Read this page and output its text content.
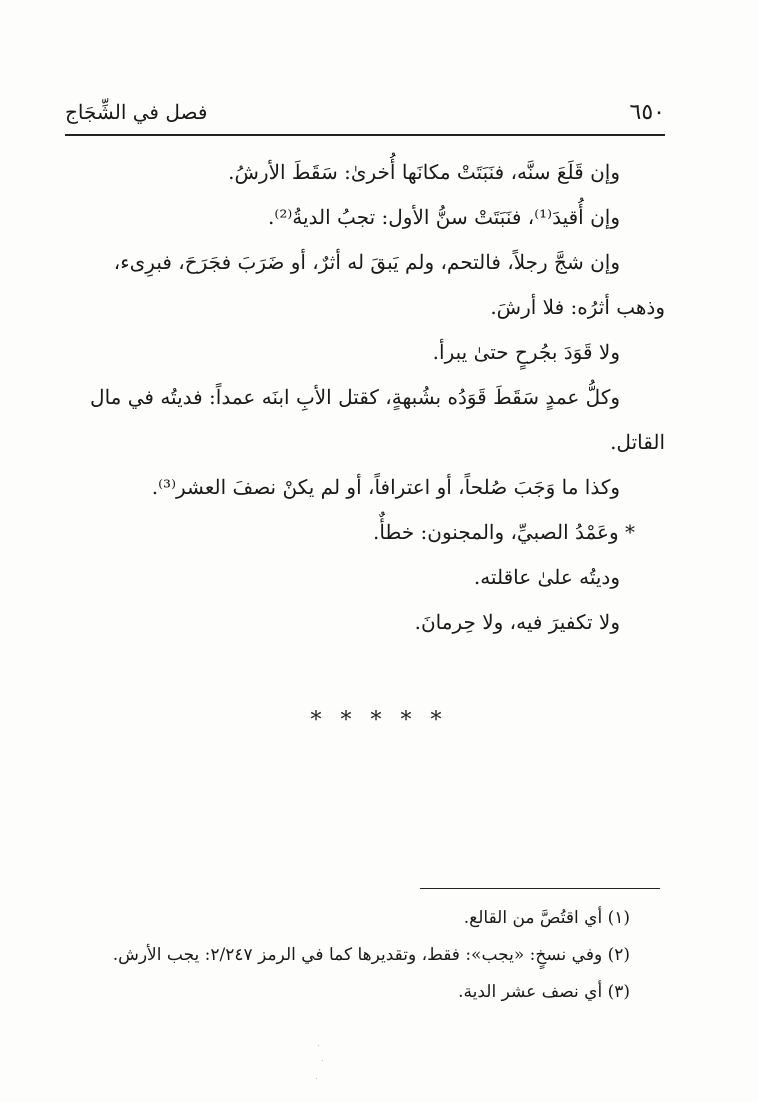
٦٥٠
فصل في الشِّجَاج
وإن قَلَعَ سنَّه، فنَبَتَتْ مكانَها أُخرىٰ: سَقَطَ الأرشُ.
وإن أُقيدَ⁽¹⁾، فنَبَتَتْ سنُّ الأول: تجبُ الديةُ⁽²⁾.
وإن شجَّ رجلاً، فالتحم، ولم يَبقَ له أثرٌ، أو ضَرَبَ فجَرَحَ، فبرِىء،
وذهب أثرُه: فلا أرشَ.
ولا قَوَدَ بجُرحٍ حتىٰ يبرأ.
وكلُّ عمدٍ سَقَطَ قَوَدُه بشُبهةٍ، كقتل الأبِ ابنَه عمداً: فديتُه في مال
القاتل.
وكذا ما وَجَبَ صُلحاً، أو اعترافاً، أو لم يكنْ نصفَ العشر⁽³⁾.
* وعَمْدُ الصبيِّ، والمجنون: خطأٌ.
وديتُه علىٰ عاقلته.
ولا تكفيرَ فيه، ولا حِرمانَ.
* * * * *
(١) أي اقتُصَّ من القالع.
(٢) وفي نسخٍ: «يجب»: فقط، وتقديرها كما في الرمز ٢/٢٤٧: يجب الأرش.
(٣) أي نصف عشر الدية.
